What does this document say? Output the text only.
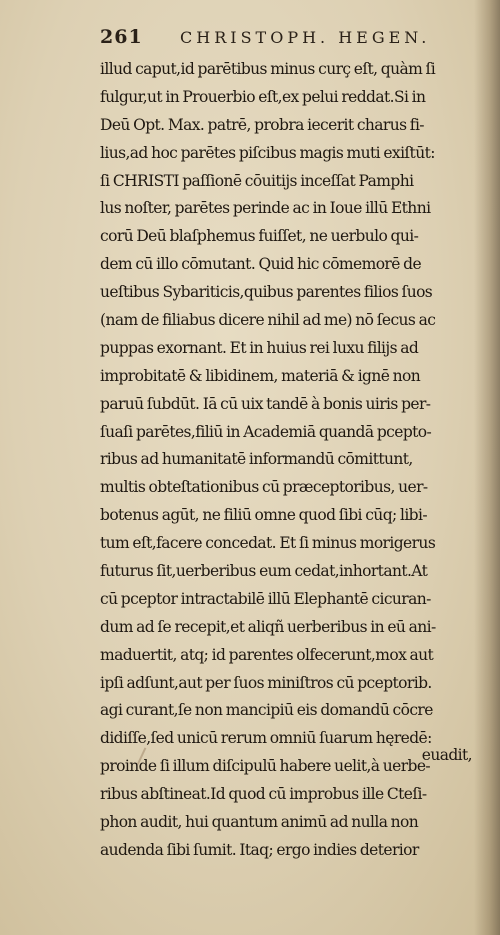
261 CHRISTOPH. HEGEN.
illud caput,id parētibus minus curç eſt, quàm ſi
fulgur,ut in Prouerbio eſt,ex pelui reddat.Si in
Deū Opt. Max. patrē, probra iecerit charus fi-
lius,ad hoc parētes piſcibus magis muti exiſtūt:
ſi CHRISTI paſſionē cōuitijs inceſſat Pamphi
lus noſter, parētes perinde ac in Ioue illū Ethni
corū Deū blaſphemus fuiſſet, ne uerbulo qui-
dem cū illo cōmutant. Quid hic cōmemorē de
ueſtibus Sybariticis,quibus parentes filios ſuos
(nam de filiabus dicere nihil ad me) nō ſecus ac
puppas exornant. Et in huius rei luxu filijs ad
improbitatē & libidinem, materiā & ignē non
paruū ſubdūt. Iā cū uix tandē à bonis uiris per-
ſuaſi parētes,filiū in Academiā quandā pceptο-
ribus ad humanitatē informandū cōmittunt,
multis obteſtationibus cū præceptoribus, uer-
botenus agūt, ne filiū omne quod ſibi cūq; libi-
tum eſt,facere concedat. Et ſi minus morigerus
futurus ſit,uerberibus eum cedat,inhortant.At
cū pceptor intractabilē illū Elephantē cicuran-
dum ad ſe recepit,et aliqñ uerberibus in eū ani-
maduertit, atq; id parentes olfecerunt,mox aut
ipſi adſunt,aut per ſuos miniſtros cū pceptorib.
agi curant,ſe non mancipiū eis domandū cōcre
didiſſe,ſed unicū rerum omniū ſuarum hęredē:
proinde ſi illum diſcipulū habere uelit,à uerbe-
ribus abſtineat.Id quod cū improbus ille Cteſi-
phon audit, hui quantum animū ad nulla non
audenda ſibi ſumit. Itaq; ergo indies deterior
euadit,
